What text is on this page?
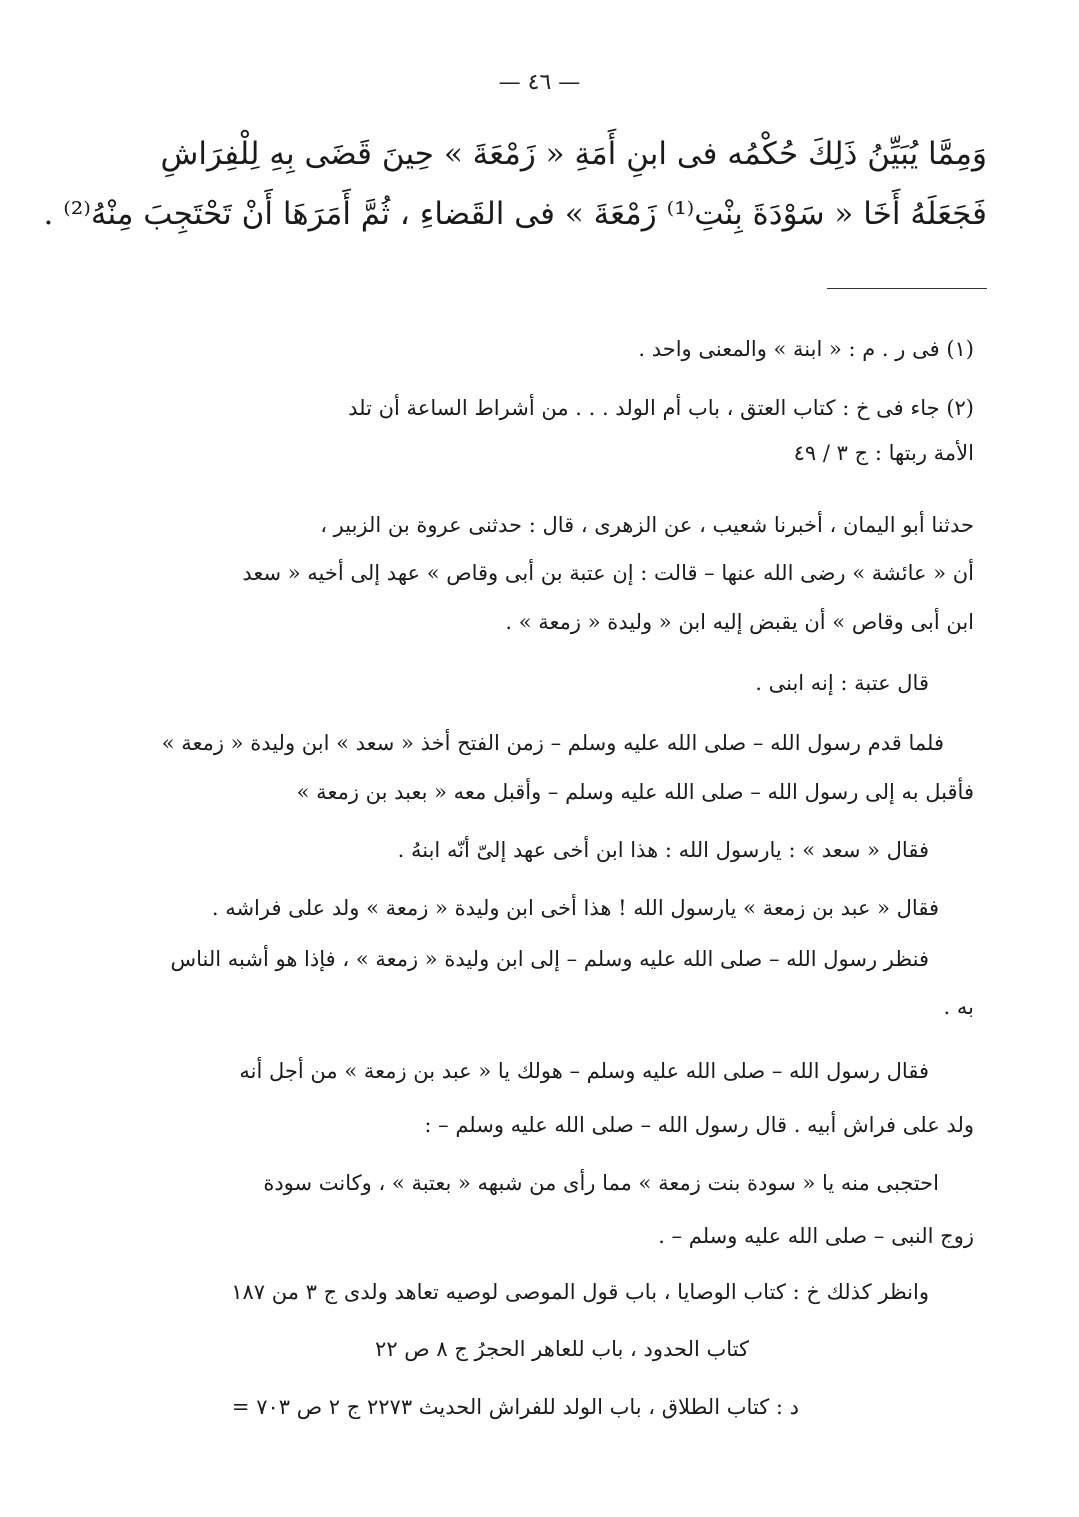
— ٤٦ —
وَمِمَّا يُبَيِّنُ ذَلِكَ حُكْمُه فى ابنِ أَمَةِ « زَمْعَةَ » حِينَ قَضَى بِهِ لِلْفِرَاشِ
فَجَعَلَهُ أَخَا « سَوْدَةَ بِنْتِ⁽¹⁾ زَمْعَةَ » فى القَضاءِ ، ثُمَّ أَمَرَهَا أَنْ تَحْتَجِبَ مِنْهُ⁽²⁾ .
(١) فى ر . م : « ابنة » والمعنى واحد .
(٢) جاء فى خ : كتاب العتق ، باب أم الولد . . . من أشراط الساعة أن تلد
الأمة ربتها : ج ٣ / ٤٩
حدثنا أبو اليمان ، أخبرنا شعيب ، عن الزهرى ، قال : حدثنى عروة بن الزبير ،
أن « عائشة » رضى الله عنها – قالت : إن عتبة بن أبى وقاص » عهد إلى أخيه « سعد
ابن أبى وقاص » أن يقبض إليه ابن « وليدة « زمعة » .
قال عتبة : إنه ابنى .
فلما قدم رسول الله – صلى الله عليه وسلم – زمن الفتح أخذ « سعد » ابن وليدة « زمعة »
فأقبل به إلى رسول الله – صلى الله عليه وسلم – وأقبل معه « بعبد بن زمعة »
فقال « سعد » : يارسول الله : هذا ابن أخى عهد إلىّ أنّه ابنهُ .
فقال « عبد بن زمعة » يارسول الله ! هذا أخى ابن وليدة « زمعة » ولد على فراشه .
فنظر رسول الله – صلى الله عليه وسلم – إلى ابن وليدة « زمعة » ، فإذا هو أشبه الناس
به .
فقال رسول الله – صلى الله عليه وسلم – هولك يا « عبد بن زمعة » من أجل أنه
ولد على فراش أبيه . قال رسول الله – صلى الله عليه وسلم – :
احتجبى منه يا « سودة بنت زمعة » مما رأى من شبهه « بعتبة » ، وكانت سودة
زوج النبى – صلى الله عليه وسلم – .
وانظر كذلك خ : كتاب الوصايا ، باب قول الموصى لوصيه تعاهد ولدى ج ٣ من ١٨٧
كتاب الحدود ، باب للعاهر الحجرُ ج ٨ ص ٢٢
د : كتاب الطلاق ، باب الولد للفراش الحديث ٢٢٧٣ ج ٢ ص ٧٠٣ =
